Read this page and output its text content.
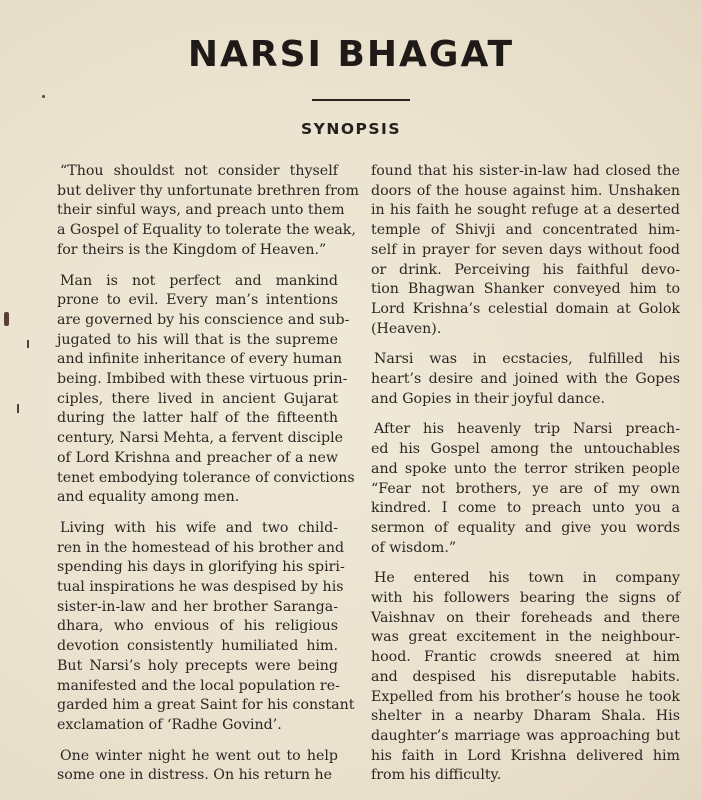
NARSI BHAGAT
SYNOPSIS
“Thou shouldst not consider thyself
but deliver thy unfortunate brethren from
their sinful ways, and preach unto them
a Gospel of Equality to tolerate the weak,
for theirs is the Kingdom of Heaven.”
Man is not perfect and mankind
prone to evil. Every man’s intentions
are governed by his conscience and sub-
jugated to his will that is the supreme
and infinite inheritance of every human
being. Imbibed with these virtuous prin-
ciples, there lived in ancient Gujarat
during the latter half of the fifteenth
century, Narsi Mehta, a fervent disciple
of Lord Krishna and preacher of a new
tenet embodying tolerance of convictions
and equality among men.
Living with his wife and two child-
ren in the homestead of his brother and
spending his days in glorifying his spiri-
tual inspirations he was despised by his
sister-in-law and her brother Saranga-
dhara, who envious of his religious
devotion consistently humiliated him.
But Narsi’s holy precepts were being
manifested and the local population re-
garded him a great Saint for his constant
exclamation of ‘Radhe Govind’.
One winter night he went out to help
some one in distress. On his return he
found that his sister-in-law had closed the
doors of the house against him. Unshaken
in his faith he sought refuge at a deserted
temple of Shivji and concentrated him-
self in prayer for seven days without food
or drink. Perceiving his faithful devo-
tion Bhagwan Shanker conveyed him to
Lord Krishna’s celestial domain at Golok
(Heaven).
Narsi was in ecstacies, fulfilled his
heart’s desire and joined with the Gopes
and Gopies in their joyful dance.
After his heavenly trip Narsi preach-
ed his Gospel among the untouchables
and spoke unto the terror striken people
“Fear not brothers, ye are of my own
kindred. I come to preach unto you a
sermon of equality and give you words
of wisdom.”
He entered his town in company
with his followers bearing the signs of
Vaishnav on their foreheads and there
was great excitement in the neighbour-
hood. Frantic crowds sneered at him
and despised his disreputable habits.
Expelled from his brother’s house he took
shelter in a nearby Dharam Shala. His
daughter’s marriage was approaching but
his faith in Lord Krishna delivered him
from his difficulty.
